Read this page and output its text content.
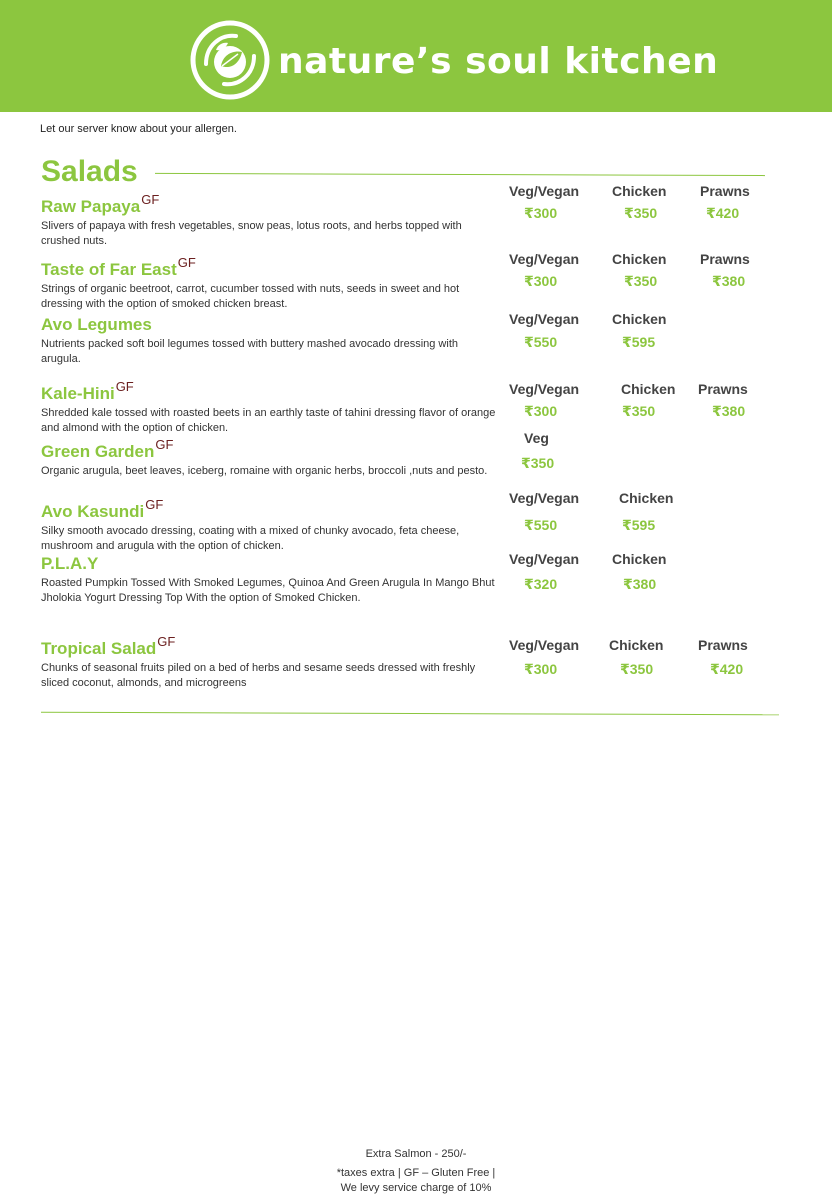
nature’s soul kitchen
Let our server know about your allergen.
Salads
Raw Papaya$^{GF}$
Slivers of papaya with fresh vegetables, snow peas, lotus roots, and herbs topped with crushed nuts.
Veg/Vegan
₹300
Chicken
₹350
Prawns
₹420
Taste of Far East$^{GF}$
Strings of organic beetroot, carrot, cucumber tossed with nuts, seeds in sweet and hot dressing with the option of smoked chicken breast.
Veg/Vegan
₹300
Chicken
₹350
Prawns
₹380
Avo Legumes
Nutrients packed soft boil legumes tossed with buttery mashed avocado dressing with arugula.
Veg/Vegan
₹550
Chicken
₹595
Kale-Hini$^{GF}$
Shredded kale tossed with roasted beets in an earthly taste of tahini dressing flavor of orange and almond with the option of chicken.
Veg/Vegan
₹300
Chicken
₹350
Prawns
₹380
Green Garden$^{GF}$
Organic arugula, beet leaves, iceberg, romaine with organic herbs, broccoli ,nuts and pesto.
Veg
₹350
Avo Kasundi$^{GF}$
Silky smooth avocado dressing, coating with a mixed of chunky avocado, feta cheese, mushroom and arugula with the option of chicken.
Veg/Vegan
₹550
Chicken
₹595
P.L.A.Y
Roasted Pumpkin Tossed With Smoked Legumes, Quinoa And Green Arugula In Mango Bhut Jholokia Yogurt Dressing Top With the option of Smoked Chicken.
Veg/Vegan
₹320
Chicken
₹380
Tropical Salad$^{GF}$
Chunks of seasonal fruits piled on a bed of herbs and sesame seeds dressed with freshly sliced coconut, almonds, and microgreens
Veg/Vegan
₹300
Chicken
₹350
Prawns
₹420
Extra Salmon - 250/-
*taxes extra | GF – Gluten Free |
We levy service charge of 10%
